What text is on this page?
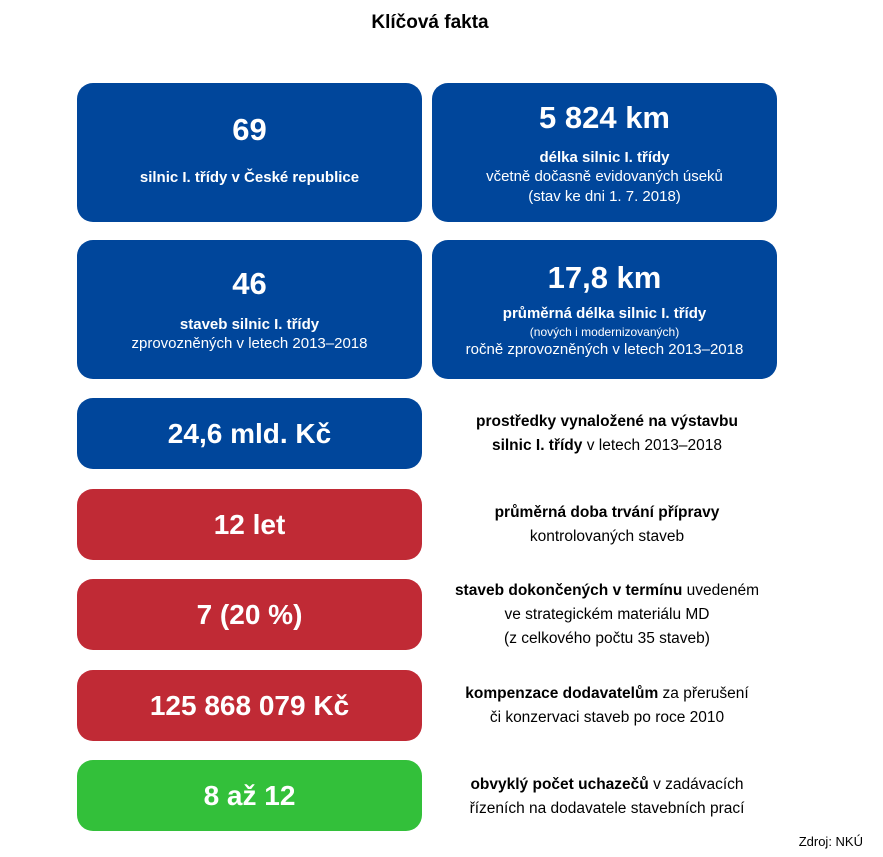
Klíčová fakta
69
silnic I. třídy v České republice
5 824 km
délka silnic I. třídy
včetně dočasně evidovaných úseků
(stav ke dni 1. 7. 2018)
46
staveb silnic I. třídy
zprovozněných v letech 2013–2018
17,8 km
průměrná délka silnic I. třídy
(nových i modernizovaných)
ročně zprovozněných v letech 2013–2018
24,6 mld. Kč	prostředky vynaložené na výstavbu
silnic I. třídy v letech 2013–2018
12 let	průměrná doba trvání přípravy
kontrolovaných staveb
7 (20 %)
staveb dokončených v termínu uvedeném
ve strategickém materiálu MD
(z celkového počtu 35 staveb)
125 868 079 Kč	kompenzace dodavatelům za přerušení
či konzervaci staveb po roce 2010
8 až 12	obvyklý počet uchazečů v zadávacích
řízeních na dodavatele stavebních prací
Zdroj: NKÚ
